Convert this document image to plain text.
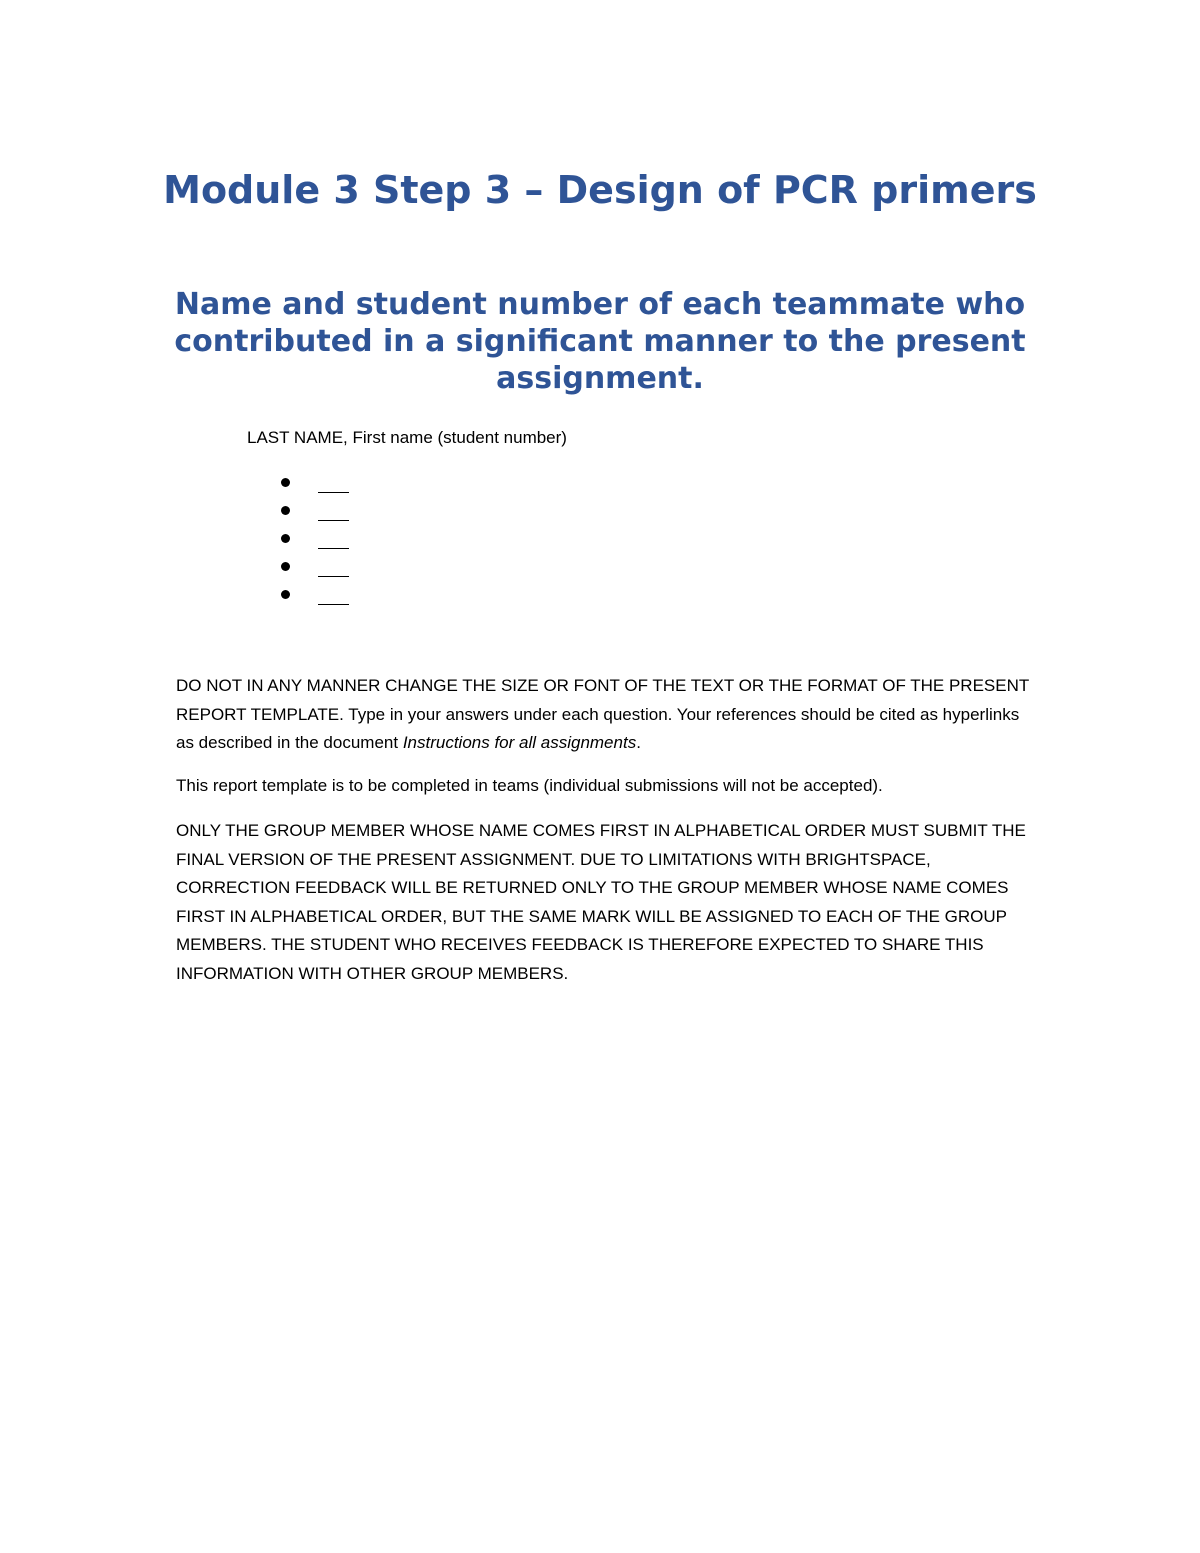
Module 3 Step 3 – Design of PCR primers
Name and student number of each teammate who contributed in a significant manner to the present assignment.

LAST NAME, First name (student number)

DO NOT IN ANY MANNER CHANGE THE SIZE OR FONT OF THE TEXT OR THE FORMAT OF THE PRESENT REPORT TEMPLATE. Type in your answers under each question. Your references should be cited as hyperlinks as described in the document Instructions for all assignments.

This report template is to be completed in teams (individual submissions will not be accepted).

ONLY THE GROUP MEMBER WHOSE NAME COMES FIRST IN ALPHABETICAL ORDER MUST SUBMIT THE FINAL VERSION OF THE PRESENT ASSIGNMENT. DUE TO LIMITATIONS WITH BRIGHTSPACE, CORRECTION FEEDBACK WILL BE RETURNED ONLY TO THE GROUP MEMBER WHOSE NAME COMES FIRST IN ALPHABETICAL ORDER, BUT THE SAME MARK WILL BE ASSIGNED TO EACH OF THE GROUP MEMBERS. THE STUDENT WHO RECEIVES FEEDBACK IS THEREFORE EXPECTED TO SHARE THIS INFORMATION WITH OTHER GROUP MEMBERS.
